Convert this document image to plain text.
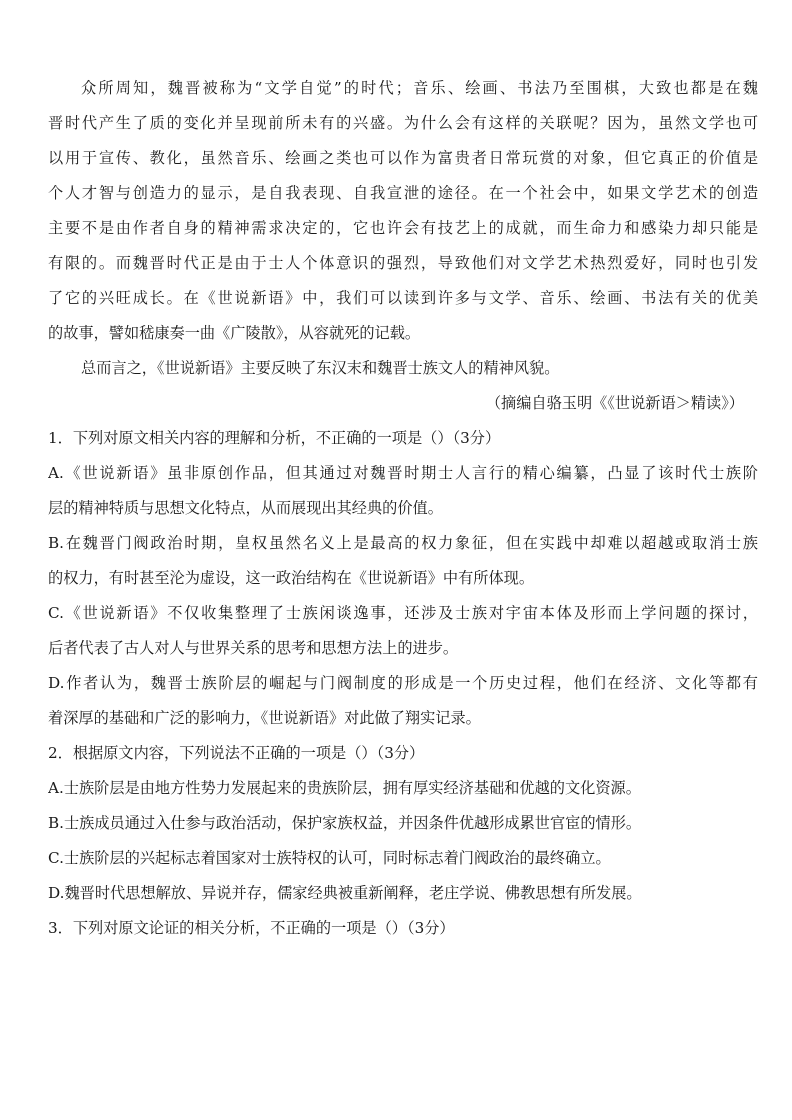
众所周知，魏晋被称为“文学自觉”的时代；音乐、绘画、书法乃至围棋，大致也都是在魏
晋时代产生了质的变化并呈现前所未有的兴盛。为什么会有这样的关联呢？因为，虽然文学也可
以用于宣传、教化，虽然音乐、绘画之类也可以作为富贵者日常玩赏的对象，但它真正的价值是
个人才智与创造力的显示，是自我表现、自我宣泄的途径。在一个社会中，如果文学艺术的创造
主要不是由作者自身的精神需求决定的，它也许会有技艺上的成就，而生命力和感染力却只能是
有限的。而魏晋时代正是由于士人个体意识的强烈，导致他们对文学艺术热烈爱好，同时也引发
了它的兴旺成长。在《世说新语》中，我们可以读到许多与文学、音乐、绘画、书法有关的优美
的故事，譬如嵇康奏一曲《广陵散》，从容就死的记载。
总而言之，《世说新语》主要反映了东汉末和魏晋士族文人的精神风貌。
（摘编自骆玉明《《世说新语＞精读》）
1．下列对原文相关内容的理解和分析，不正确的一项是（）（3分）
A.《世说新语》虽非原创作品，但其通过对魏晋时期士人言行的精心编纂，凸显了该时代士族阶
层的精神特质与思想文化特点，从而展现出其经典的价值。
B.在魏晋门阀政治时期，皇权虽然名义上是最高的权力象征，但在实践中却难以超越或取消士族
的权力，有时甚至沦为虚设，这一政治结构在《世说新语》中有所体现。
C.《世说新语》不仅收集整理了士族闲谈逸事，还涉及士族对宇宙本体及形而上学问题的探讨，
后者代表了古人对人与世界关系的思考和思想方法上的进步。
D.作者认为，魏晋士族阶层的崛起与门阀制度的形成是一个历史过程，他们在经济、文化等都有
着深厚的基础和广泛的影响力，《世说新语》对此做了翔实记录。
2．根据原文内容，下列说法不正确的一项是（）（3分）
A.士族阶层是由地方性势力发展起来的贵族阶层，拥有厚实经济基础和优越的文化资源。
B.士族成员通过入仕参与政治活动，保护家族权益，并因条件优越形成累世官宦的情形。
C.士族阶层的兴起标志着国家对士族特权的认可，同时标志着门阀政治的最终确立。
D.魏晋时代思想解放、异说并存，儒家经典被重新阐释，老庄学说、佛教思想有所发展。
3．下列对原文论证的相关分析，不正确的一项是（）（3分）
